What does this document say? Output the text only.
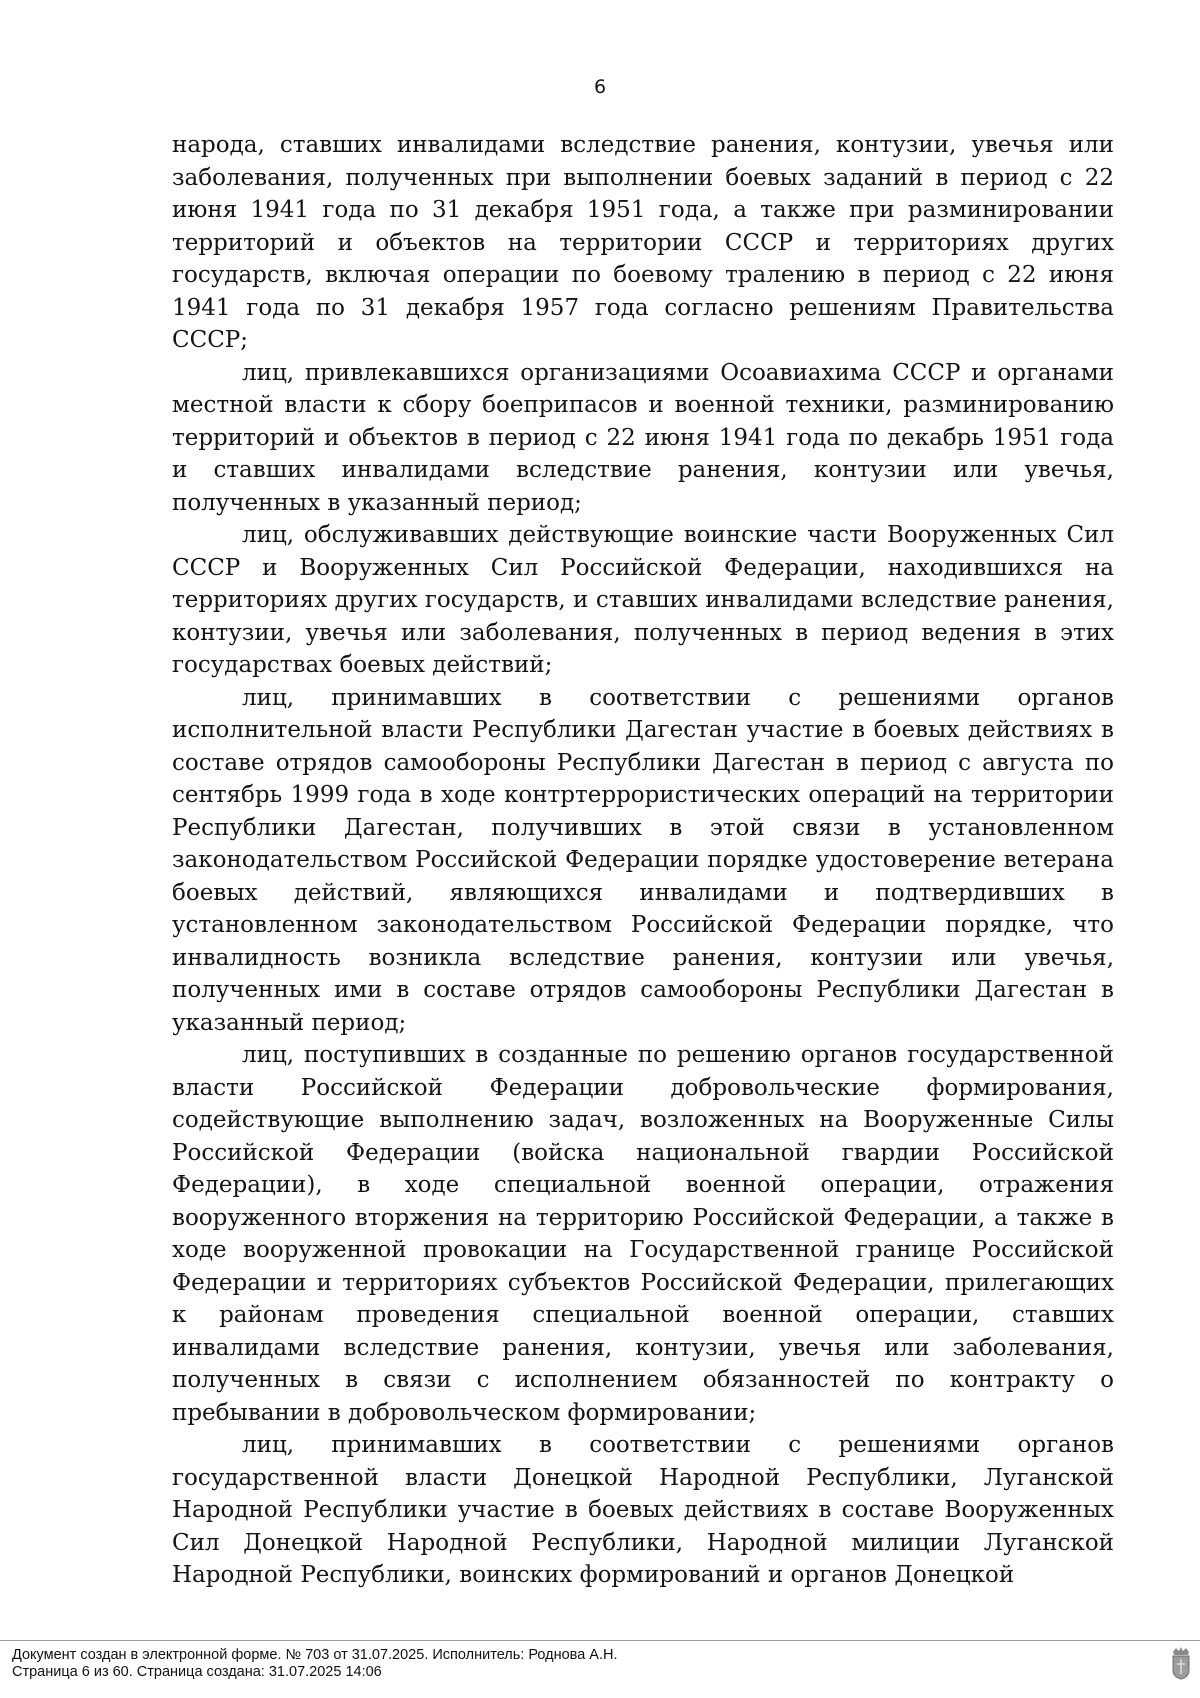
6

народа, ставших инвалидами вследствие ранения, контузии, увечья или заболевания, полученных при выполнении боевых заданий в период с 22 июня 1941 года по 31 декабря 1951 года, а также при разминировании территорий и объектов на территории СССР и территориях других государств, включая операции по боевому тралению в период с 22 июня 1941 года по 31 декабря 1957 года согласно решениям Правительства СССР;

лиц, привлекавшихся организациями Осоавиахима СССР и органами местной власти к сбору боеприпасов и военной техники, разминированию территорий и объектов в период с 22 июня 1941 года по декабрь 1951 года и ставших инвалидами вследствие ранения, контузии или увечья, полученных в указанный период;

лиц, обслуживавших действующие воинские части Вооруженных Сил СССР и Вооруженных Сил Российской Федерации, находившихся на территориях других государств, и ставших инвалидами вследствие ранения, контузии, увечья или заболевания, полученных в период ведения в этих государствах боевых действий;

лиц, принимавших в соответствии с решениями органов исполнительной власти Республики Дагестан участие в боевых действиях в составе отрядов самообороны Республики Дагестан в период с августа по сентябрь 1999 года в ходе контртеррористических операций на территории Республики Дагестан, получивших в этой связи в установленном законодательством Российской Федерации порядке удостоверение ветерана боевых действий, являющихся инвалидами и подтвердивших в установленном законодательством Российской Федерации порядке, что инвалидность возникла вследствие ранения, контузии или увечья, полученных ими в составе отрядов самообороны Республики Дагестан в указанный период;

лиц, поступивших в созданные по решению органов государственной власти Российской Федерации добровольческие формирования, содействующие выполнению задач, возложенных на Вооруженные Силы Российской Федерации (войска национальной гвардии Российской Федерации), в ходе специальной военной операции, отражения вооруженного вторжения на территорию Российской Федерации, а также в ходе вооруженной провокации на Государственной границе Российской Федерации и территориях субъектов Российской Федерации, прилегающих к районам проведения специальной военной операции, ставших инвалидами вследствие ранения, контузии, увечья или заболевания, полученных в связи с исполнением обязанностей по контракту о пребывании в добровольческом формировании;

лиц, принимавших в соответствии с решениями органов государственной власти Донецкой Народной Республики, Луганской Народной Республики участие в боевых действиях в составе Вооруженных Сил Донецкой Народной Республики, Народной милиции Луганской Народной Республики, воинских формирований и органов Донецкой

Документ создан в электронной форме. № 703 от 31.07.2025. Исполнитель: Роднова А.Н.
Страница 6 из 60. Страница создана: 31.07.2025 14:06
